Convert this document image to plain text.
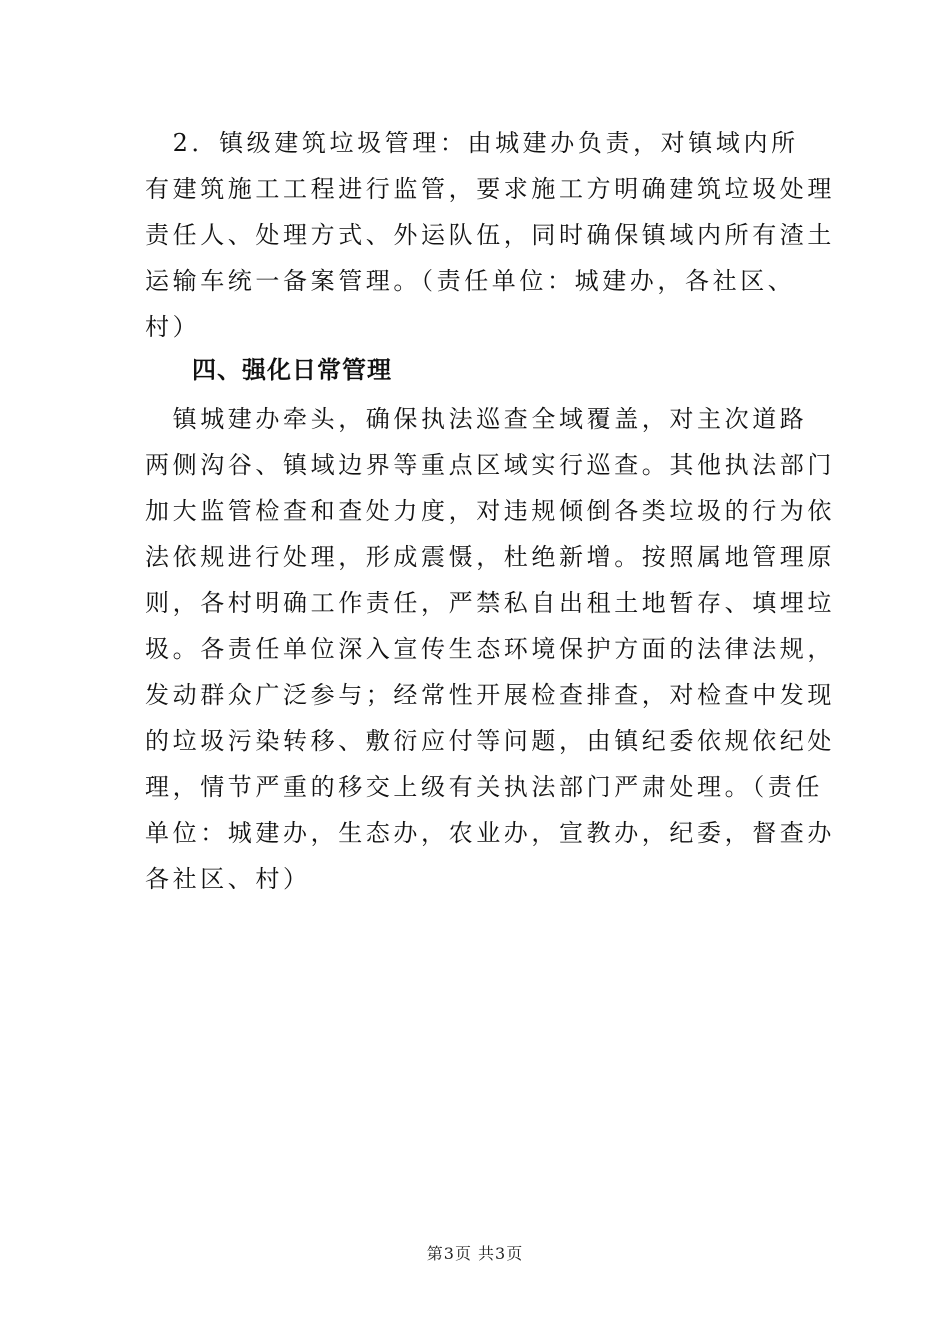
　2．镇级建筑垃圾管理：由城建办负责，对镇域内所
有建筑施工工程进行监管，要求施工方明确建筑垃圾处理
责任人、处理方式、外运队伍，同时确保镇域内所有渣土
运输车统一备案管理。（责任单位：城建办，各社区、
村）
四、强化日常管理
　镇城建办牵头，确保执法巡查全域覆盖，对主次道路
两侧沟谷、镇域边界等重点区域实行巡查。其他执法部门
加大监管检查和查处力度，对违规倾倒各类垃圾的行为依
法依规进行处理，形成震慑，杜绝新增。按照属地管理原
则，各村明确工作责任，严禁私自出租土地暂存、填埋垃
圾。各责任单位深入宣传生态环境保护方面的法律法规，
发动群众广泛参与；经常性开展检查排查，对检查中发现
的垃圾污染转移、敷衍应付等问题，由镇纪委依规依纪处
理，情节严重的移交上级有关执法部门严肃处理。（责任
单位：城建办，生态办，农业办，宣教办，纪委，督查办
各社区、村）
第3页 共3页
